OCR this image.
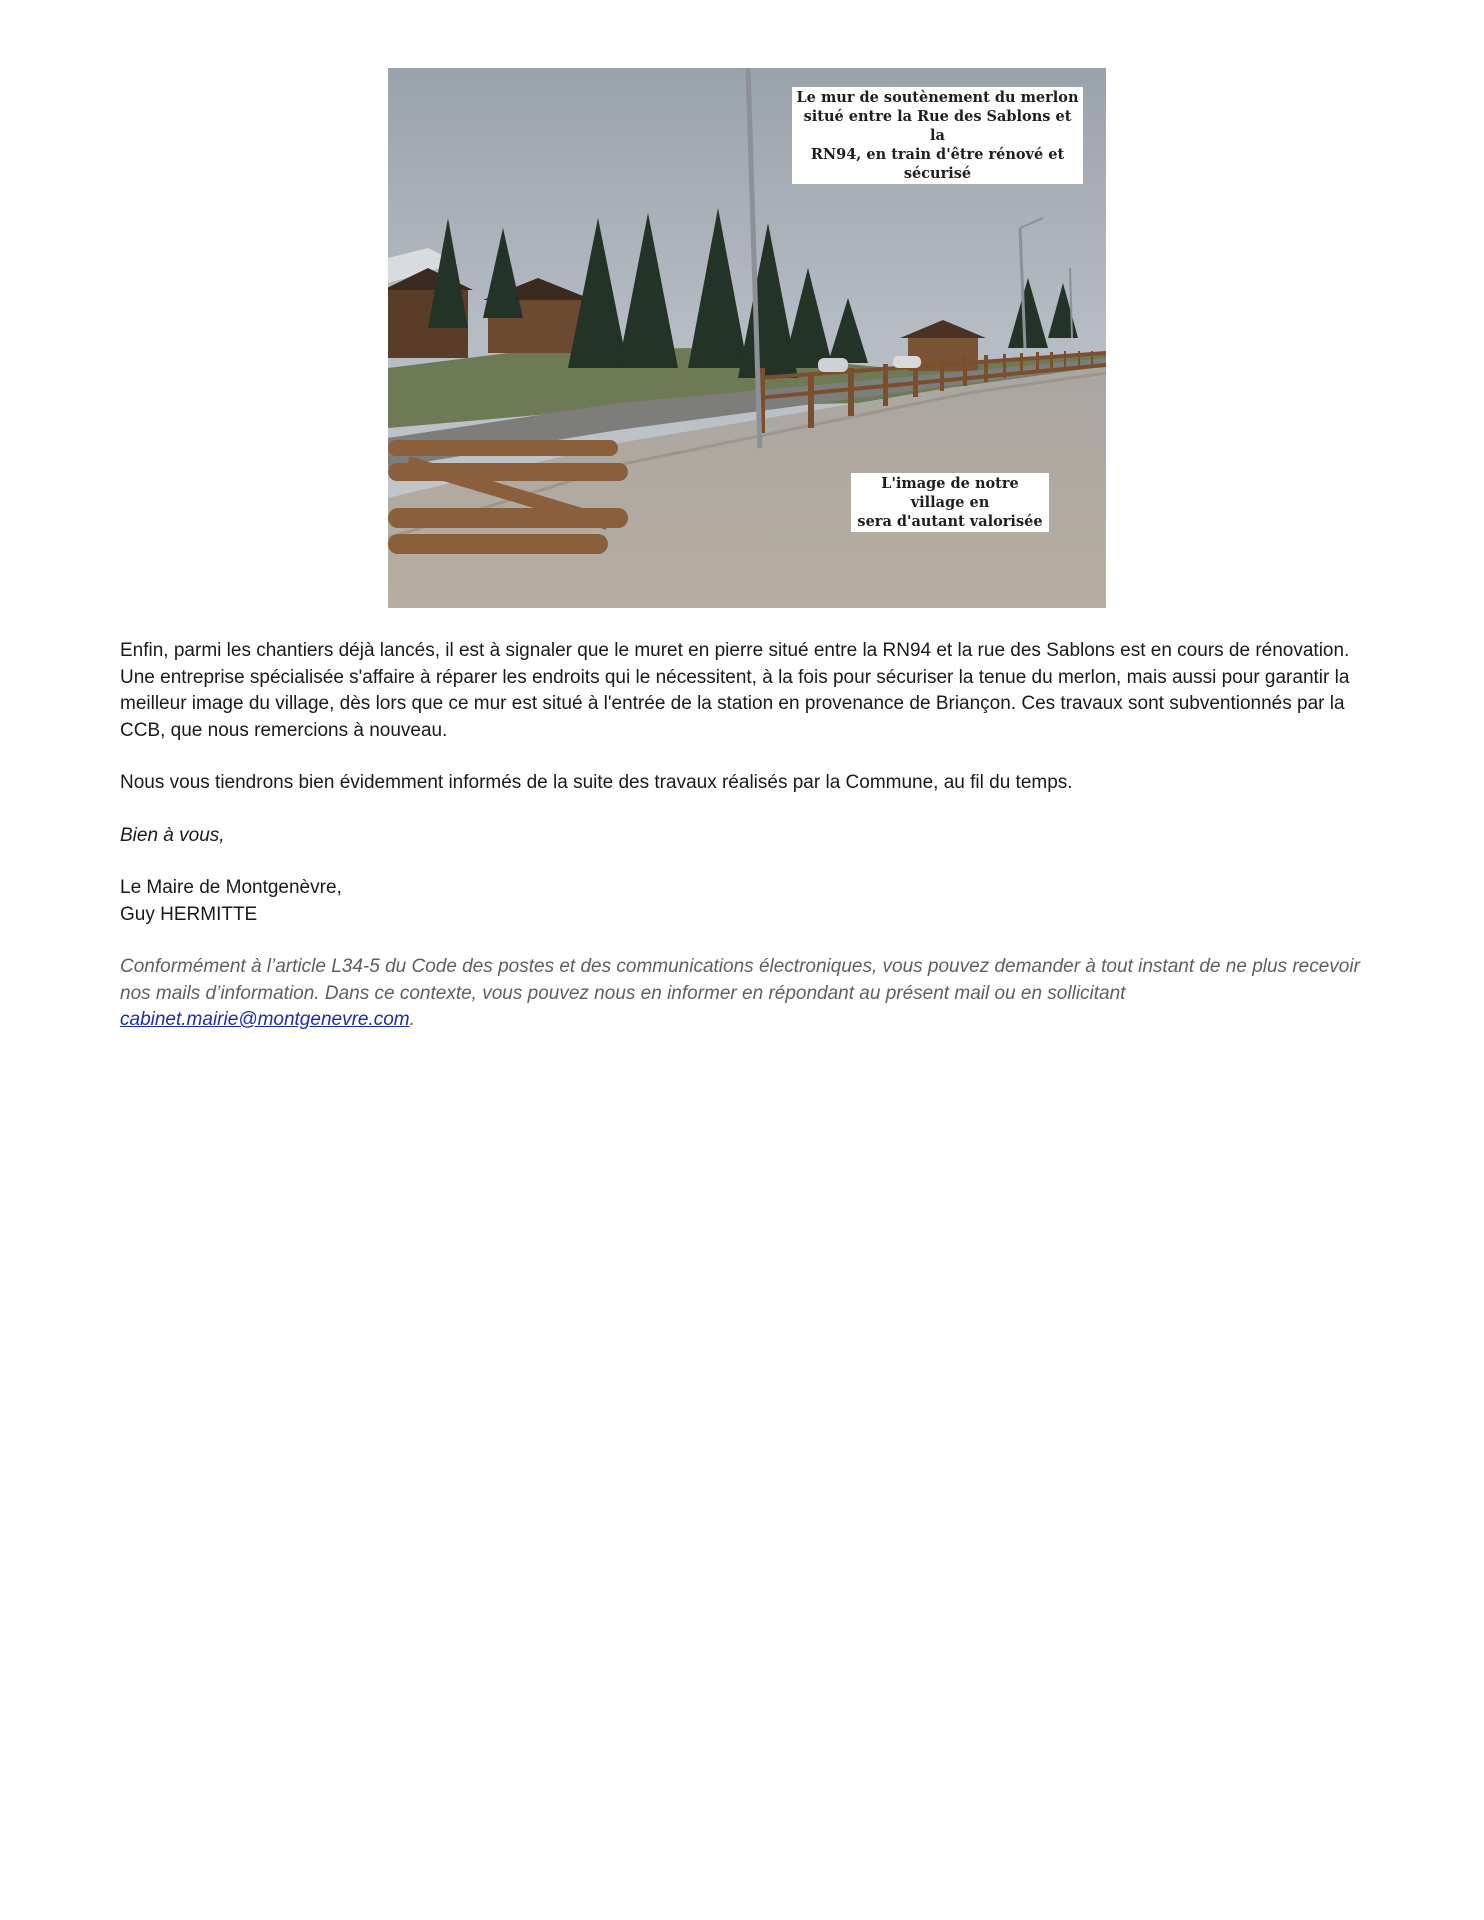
Le mur de soutènement du merlon
situé entre la Rue des Sablons et la
RN94, en train d'être rénové et sécurisé
L'image de notre village en
sera d'autant valorisée

Enfin, parmi les chantiers déjà lancés, il est à signaler que le muret en pierre situé entre la RN94 et la rue des Sablons est en cours de rénovation. Une entreprise spécialisée s'affaire à réparer les endroits qui le nécessitent, à la fois pour sécuriser la tenue du merlon, mais aussi pour garantir la meilleur image du village, dès lors que ce mur est situé à l'entrée de la station en provenance de Briançon. Ces travaux sont subventionnés par la CCB, que nous remercions à nouveau.

Nous vous tiendrons bien évidemment informés de la suite des travaux réalisés par la Commune, au fil du temps.

Bien à vous,

Le Maire de Montgenèvre,
Guy HERMITTE

Conformément à l’article L34-5 du Code des postes et des communications électroniques, vous pouvez demander à tout instant de ne plus recevoir nos mails d’information. Dans ce contexte, vous pouvez nous en informer en répondant au présent mail ou en sollicitant cabinet.mairie@montgenevre.com.
